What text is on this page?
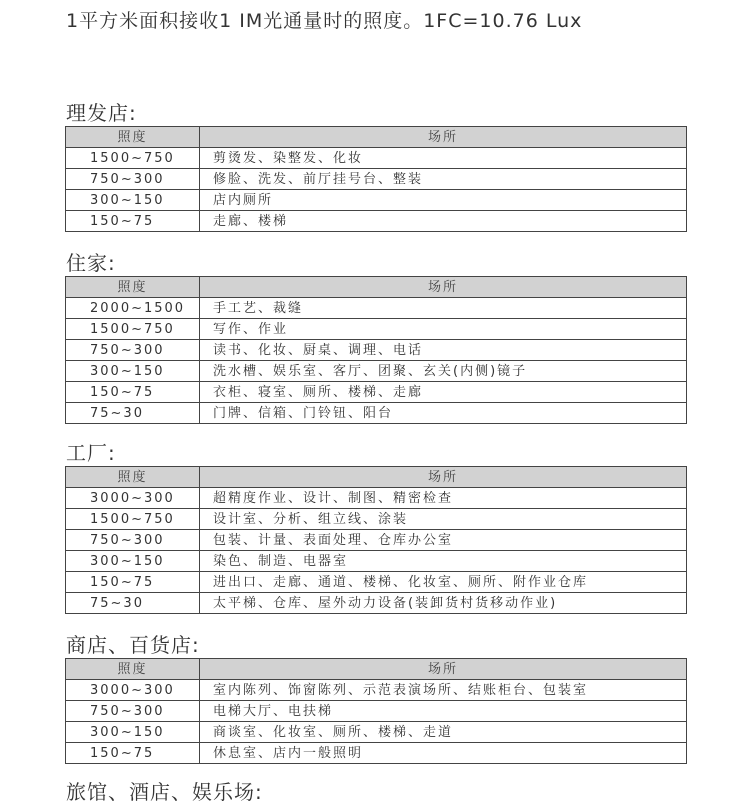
1平方米面积接收1 IM光通量时的照度。1FC=10.76 Lux
理发店:
照度	场所
1500~750	剪烫发、染整发、化妆
750~300	修脸、洗发、前厅挂号台、整装
300~150	店内厕所
150~75	走廊、楼梯
住家:
照度	场所
2000~1500	手工艺、裁缝
1500~750	写作、作业
750~300	读书、化妆、厨桌、调理、电话
300~150	洗水槽、娱乐室、客厅、团聚、玄关(内侧)镜子
150~75	衣柜、寝室、厕所、楼梯、走廊
75~30	门牌、信箱、门铃钮、阳台
工厂:
照度	场所
3000~300	超精度作业、设计、制图、精密检查
1500~750	设计室、分析、组立线、涂装
750~300	包装、计量、表面处理、仓库办公室
300~150	染色、制造、电器室
150~75	进出口、走廊、通道、楼梯、化妆室、厕所、附作业仓库
75~30	太平梯、仓库、屋外动力设备(装卸货村货移动作业)
商店、百货店:
照度	场所
3000~300	室内陈列、饰窗陈列、示范表演场所、结账柜台、包装室
750~300	电梯大厅、电扶梯
300~150	商谈室、化妆室、厕所、楼梯、走道
150~75	休息室、店内一般照明
旅馆、酒店、娱乐场:
